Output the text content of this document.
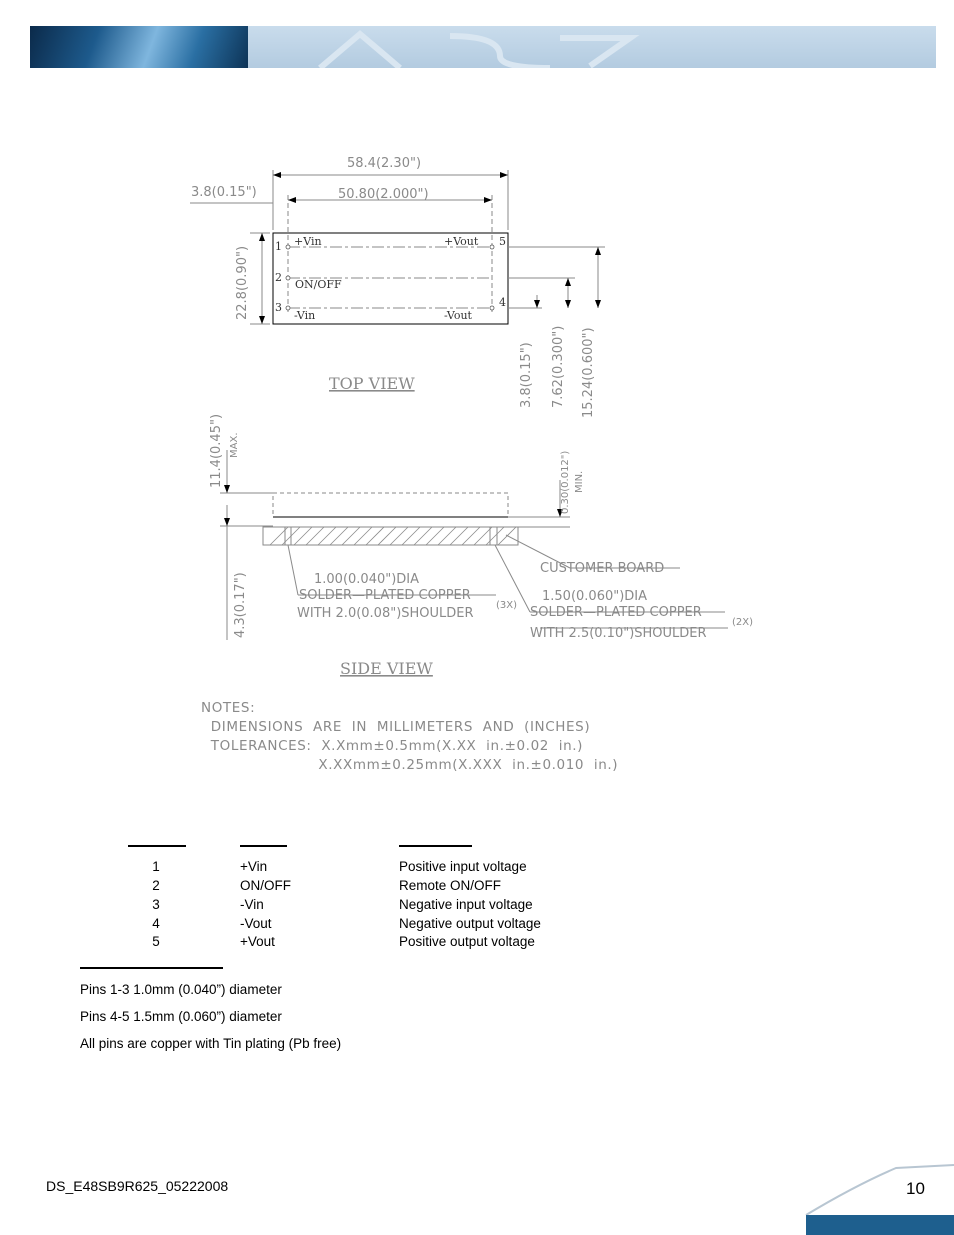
58.4(2.30")
50.80(2.000")
3.8(0.15")
22.8(0.90") 1
2
3	4
5
+Vin
ON/OFF
-Vin	-Vout
+Vout
3.8(0.15") 7.62(0.300") 15.24(0.600")
TOP VIEW
11.4(0.45") MAX.
0.30(0.012") MIN.
4.3(0.17")
CUSTOMER BOARD
1.00(0.040")DIA
SOLDER—PLATED COPPER
WITH 2.0(0.08")SHOULDER
(3X)
1.50(0.060")DIA
SOLDER—PLATED COPPER
WITH 2.5(0.10")SHOULDER
(2X)
SIDE VIEW
NOTES:
DIMENSIONS  ARE  IN  MILLIMETERS  AND  (INCHES)
TOLERANCES:  X.Xmm±0.5mm(X.XX  in.±0.02  in.)
X.XXmm±0.25mm(X.XXX  in.±0.010  in.)
1	+Vin	Positive input voltage
2	ON/OFF	Remote ON/OFF
3	-Vin	Negative input voltage
4	-Vout	Negative output voltage
5	+Vout	Positive output voltage
Pins 1-3 1.0mm (0.040”) diameter
Pins 4-5 1.5mm (0.060”) diameter
All pins are copper with Tin plating (Pb free)
DS_E48SB9R625_05222008	10
